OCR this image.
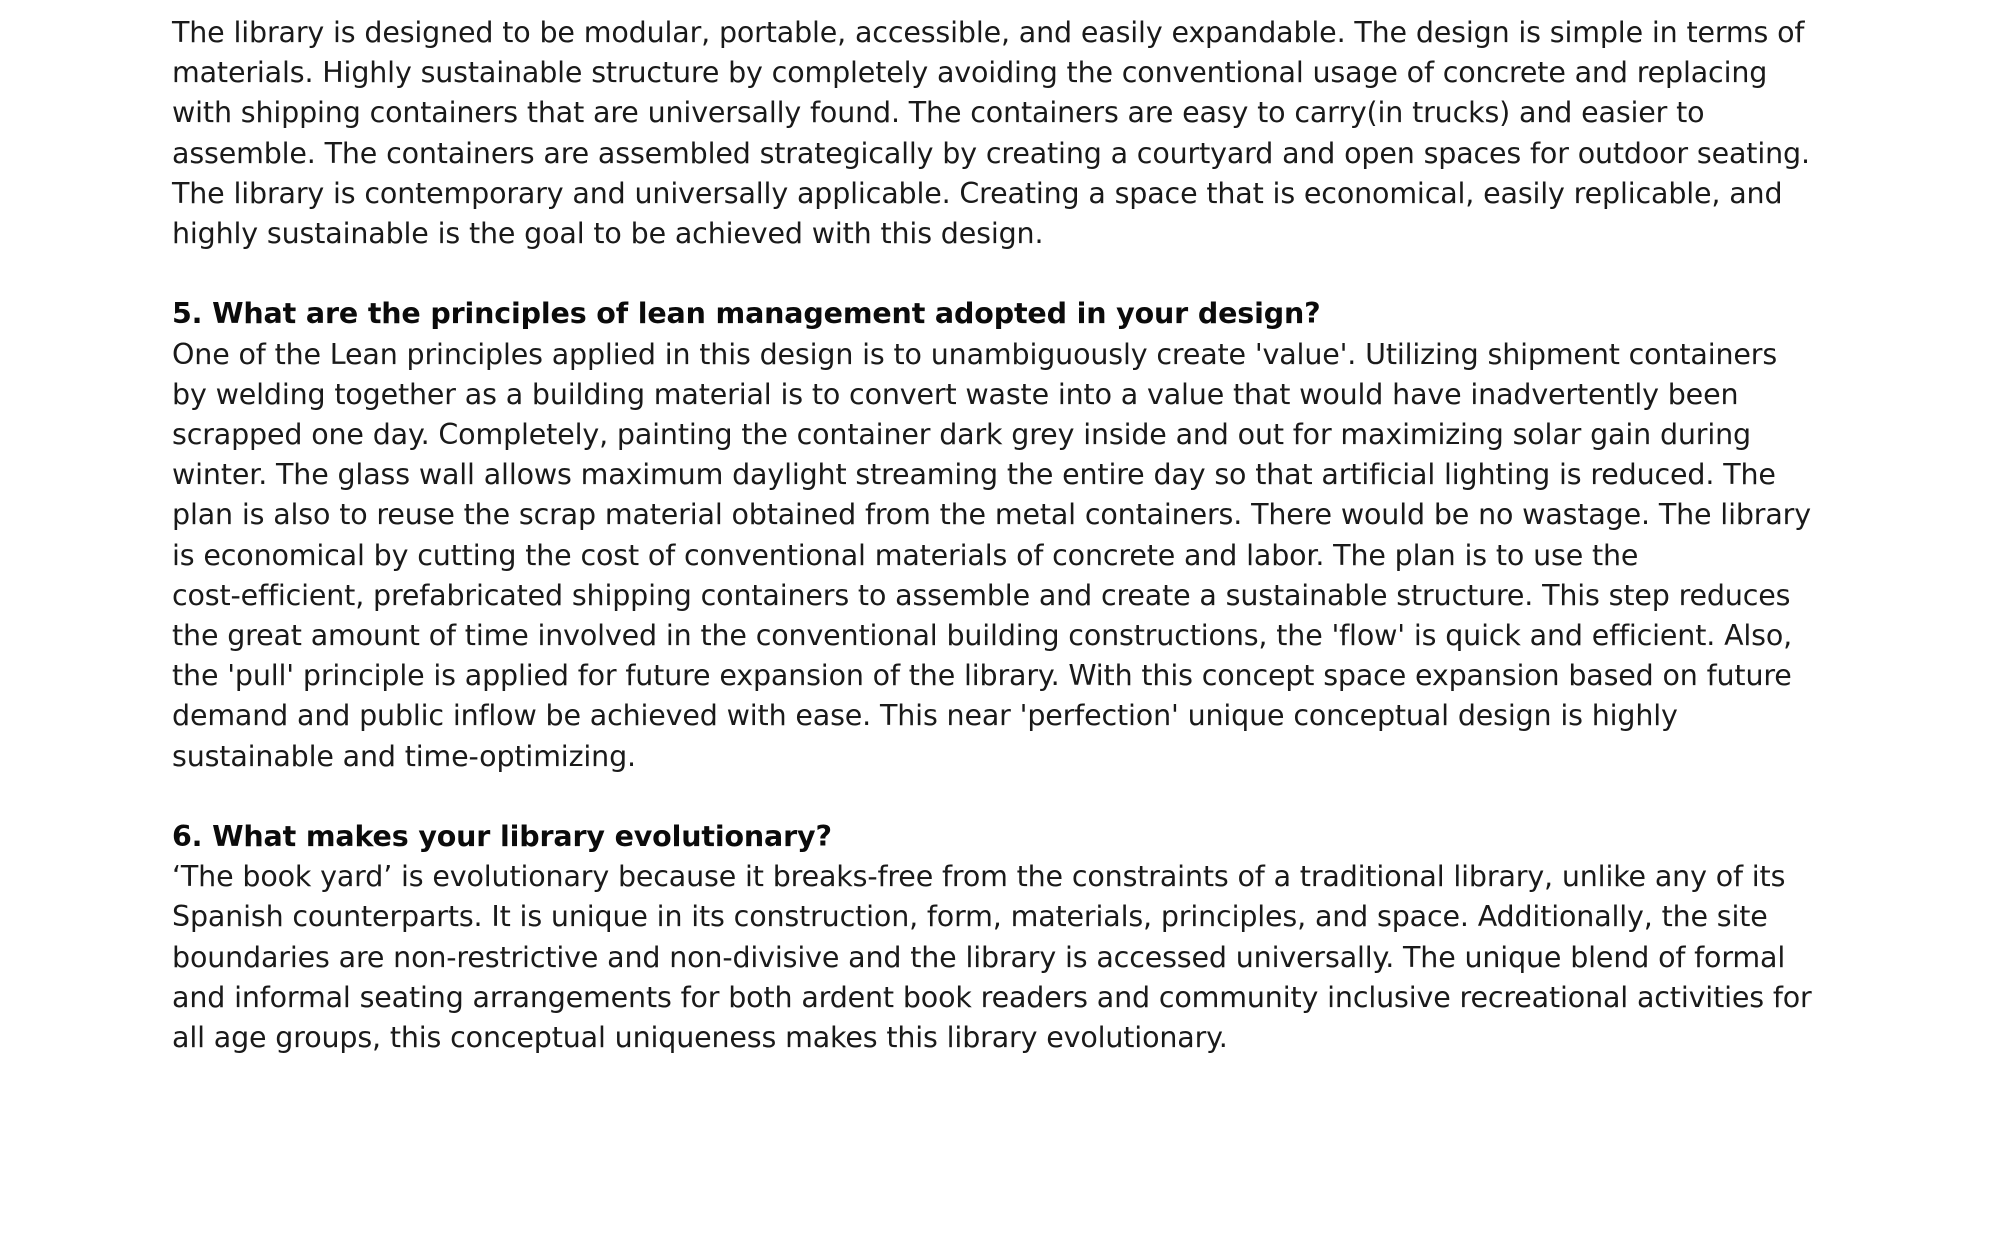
The library is designed to be modular, portable, accessible, and easily expandable. The design is simple in terms of
materials. Highly sustainable structure by completely avoiding the conventional usage of concrete and replacing
with shipping containers that are universally found. The containers are easy to carry(in trucks) and easier to
assemble. The containers are assembled strategically by creating a courtyard and open spaces for outdoor seating.
The library is contemporary and universally applicable. Creating a space that is economical, easily replicable, and
highly sustainable is the goal to be achieved with this design.

5. What are the principles of lean management adopted in your design?

One of the Lean principles applied in this design is to unambiguously create 'value'. Utilizing shipment containers
by welding together as a building material is to convert waste into a value that would have inadvertently been
scrapped one day. Completely, painting the container dark grey inside and out for maximizing solar gain during
winter. The glass wall allows maximum daylight streaming the entire day so that artificial lighting is reduced. The
plan is also to reuse the scrap material obtained from the metal containers. There would be no wastage. The library
is economical by cutting the cost of conventional materials of concrete and labor. The plan is to use the
cost-efficient, prefabricated shipping containers to assemble and create a sustainable structure. This step reduces
the great amount of time involved in the conventional building constructions, the 'flow' is quick and efficient. Also,
the 'pull' principle is applied for future expansion of the library. With this concept space expansion based on future
demand and public inflow be achieved with ease. This near 'perfection' unique conceptual design is highly
sustainable and time-optimizing.

6. What makes your library evolutionary?

‘The book yard’ is evolutionary because it breaks-free from the constraints of a traditional library, unlike any of its
Spanish counterparts. It is unique in its construction, form, materials, principles, and space. Additionally, the site
boundaries are non-restrictive and non-divisive and the library is accessed universally. The unique blend of formal
and informal seating arrangements for both ardent book readers and community inclusive recreational activities for
all age groups, this conceptual uniqueness makes this library evolutionary.
